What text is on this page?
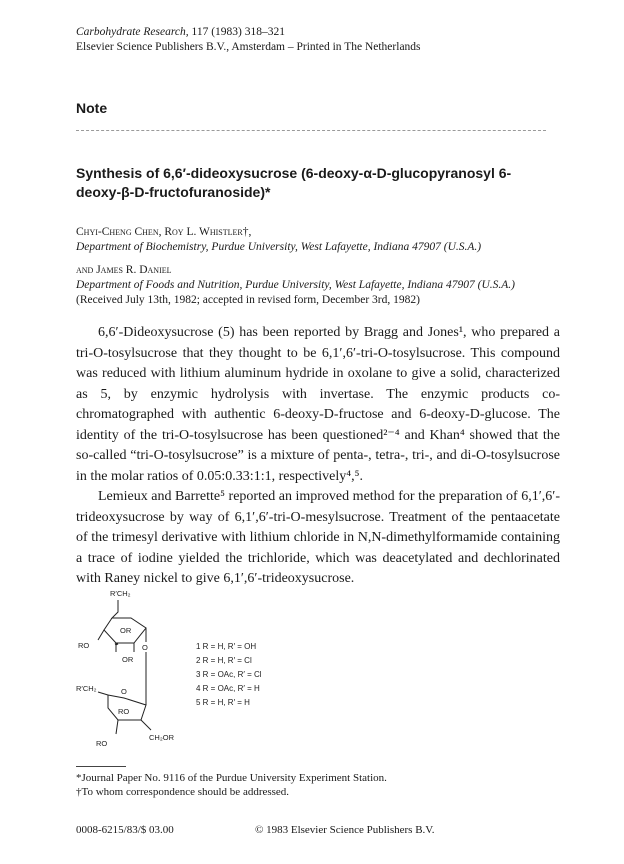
Carbohydrate Research, 117 (1983) 318–321
Elsevier Science Publishers B.V., Amsterdam – Printed in The Netherlands
Note
Synthesis of 6,6′-dideoxysucrose (6-deoxy-α-D-glucopyranosyl 6-deoxy-β-D-fructofuranoside)*
Chyi-Cheng Chen, Roy L. Whistler†,
Department of Biochemistry, Purdue University, West Lafayette, Indiana 47907 (U.S.A.)
and James R. Daniel
Department of Foods and Nutrition, Purdue University, West Lafayette, Indiana 47907 (U.S.A.)
(Received July 13th, 1982; accepted in revised form, December 3rd, 1982)

6,6′-Dideoxysucrose (5) has been reported by Bragg and Jones¹, who prepared a tri-O-tosylsucrose that they thought to be 6,1′,6′-tri-O-tosylsucrose. This compound was reduced with lithium aluminum hydride in oxolane to give a solid, characterized as 5, by enzymic hydrolysis with invertase. The enzymic products co-chromatographed with authentic 6-deoxy-D-fructose and 6-deoxy-D-glucose. The identity of the tri-O-tosylsucrose has been questioned²⁻⁴ and Khan⁴ showed that the so-called “tri-O-tosylsucrose” is a mixture of penta-, tetra-, tri-, and di-O-tosylsucrose in the molar ratios of 0.05:0.33:1:1, respectively⁴,⁵.

Lemieux and Barrette⁵ reported an improved method for the preparation of 6,1′,6′-trideoxysucrose by way of 6,1′,6′-tri-O-mesylsucrose. Treatment of the pentaacetate of the trimesyl derivative with lithium chloride in N,N-dimethylformamide containing a trace of iodine yielded the trichloride, which was deacetylated and dechlorinated with Raney nickel to give 6,1′,6′-trideoxysucrose.

R′CH₂
OR
RO	O
OR
R′CH₂	O
RO
CH₂OR
RO
1 R = H, R′ = OH
2 R = H, R′ = Cl
3 R = OAc, R′ = Cl
4 R = OAc, R′ = H
5 R = H, R′ = H
*Journal Paper No. 9116 of the Purdue University Experiment Station.
†To whom correspondence should be addressed.
0008-6215/83/$ 03.00	© 1983 Elsevier Science Publishers B.V.
